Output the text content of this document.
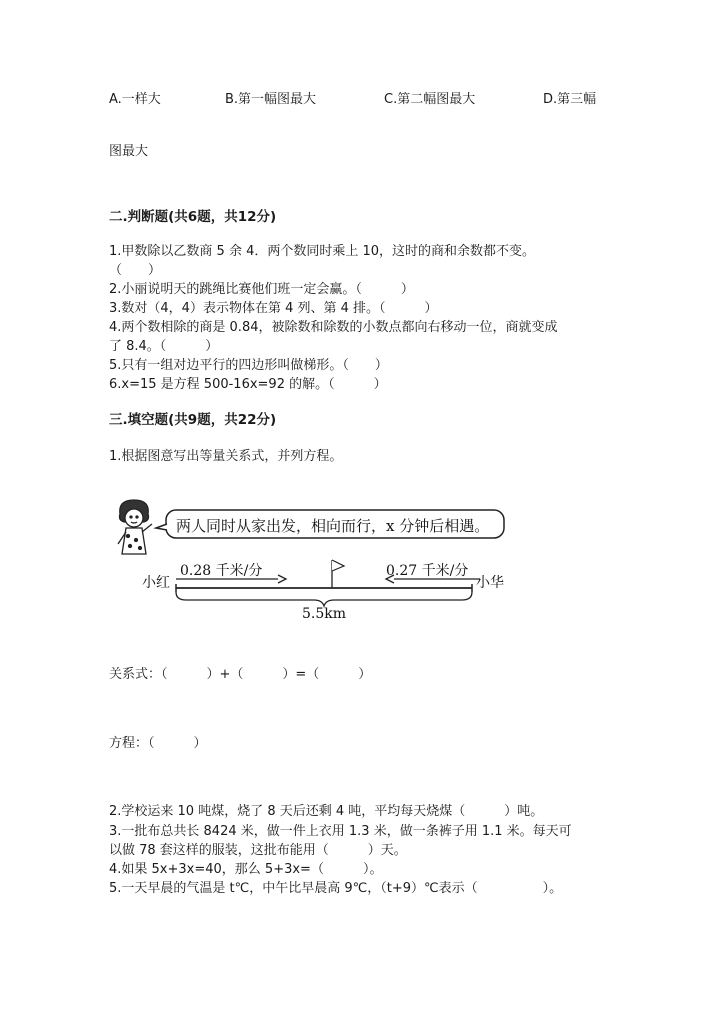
A.一样大	B.第一幅图最大	C.第二幅图最大	D.第三幅
图最大
二.判断题(共6题，共12分)
1.甲数除以乙数商 5 余 4．两个数同时乘上 10，这时的商和余数都不变。
（　　）
2.小丽说明天的跳绳比赛他们班一定会赢。（　　　）
3.数对（4，4）表示物体在第 4 列、第 4 排。（　　　）
4.两个数相除的商是 0.84，被除数和除数的小数点都向右移动一位，商就变成
了 8.4。（　　　）
5.只有一组对边平行的四边形叫做梯形。（　　）
6.x=15 是方程 500-16x=92 的解。（　　　）
三.填空题(共9题，共22分)
1.根据图意写出等量关系式，并列方程。
两人同时从家出发，相向而行，x 分钟后相遇。
0.28 千米/分	0.27 千米/分
小红	小华
5.5km
关系式：（　　　）+（　　　）=（　　　）
方程：（　　　）
2.学校运来 10 吨煤，烧了 8 天后还剩 4 吨，平均每天烧煤（　　　）吨。
3.一批布总共长 8424 米，做一件上衣用 1.3 米，做一条裤子用 1.1 米。每天可
以做 78 套这样的服装，这批布能用（　　　）天。
4.如果 5x+3x=40，那么 5+3x=（　　　）。
5.一天早晨的气温是 t℃，中午比早晨高 9℃，（t+9）℃表示（　　　　　）。
